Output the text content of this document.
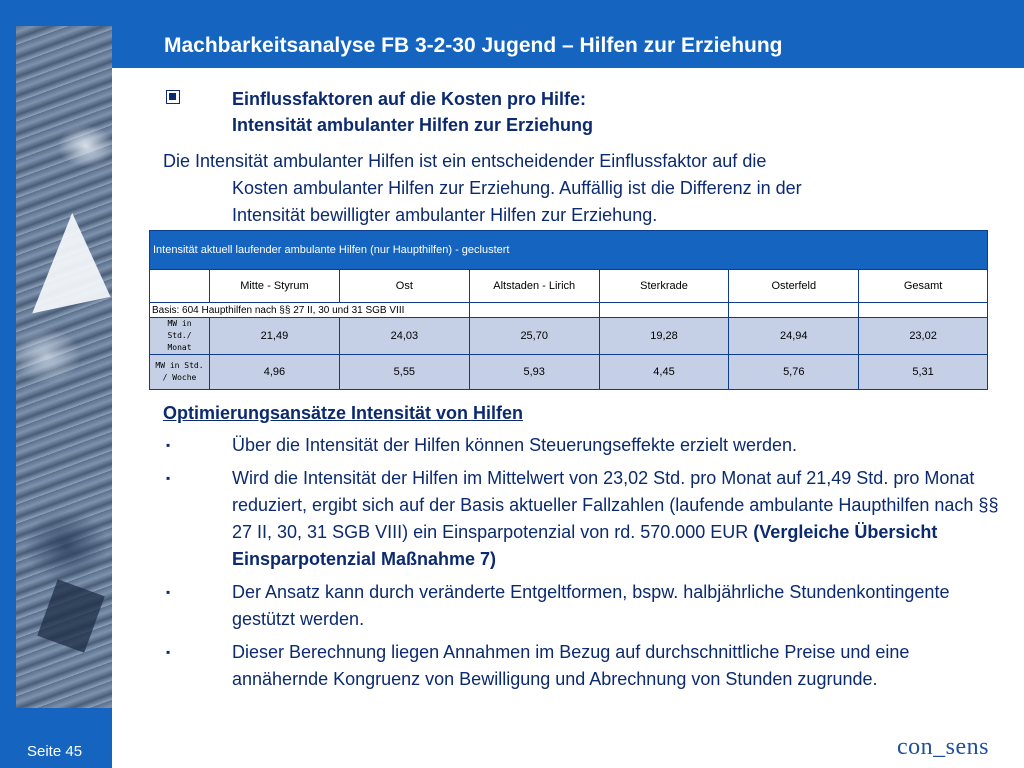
Machbarkeitsanalyse FB 3-2-30 Jugend – Hilfen zur Erziehung
Einflussfaktoren auf die Kosten pro Hilfe:
Intensität ambulanter Hilfen zur Erziehung
Die Intensität ambulanter Hilfen ist ein entscheidender Einflussfaktor auf die
Kosten ambulanter Hilfen zur Erziehung. Auffällig ist die Differenz in der
Intensität bewilligter ambulanter Hilfen zur Erziehung.
Intensität aktuell laufender ambulante Hilfen (nur Haupthilfen) - geclustert						
	Mitte - Styrum	Ost	Altstaden - Lirich	Sterkrade	Osterfeld	Gesamt
Basis: 604 Haupthilfen nach §§ 27 II, 30 und 31 SGB VIII						

MW in
Std./
Monat	21,49	24,03	25,70	19,28	24,94	23,02

MW in Std.
/ Woche	4,96	5,55	5,93	4,45	5,76	5,31
Optimierungsansätze Intensität von Hilfen
▪	Über die Intensität der Hilfen können Steuerungseffekte erzielt werden.
▪	Wird die Intensität der Hilfen im Mittelwert von 23,02 Std. pro Monat auf 21,49 Std. pro Monat reduziert, ergibt sich auf der Basis aktueller Fallzahlen (laufende ambulante Haupthilfen nach §§ 27 II, 30, 31 SGB VIII) ein Einsparpotenzial von rd. 570.000 EUR (Vergleiche Übersicht Einsparpotenzial Maßnahme 7)
▪	Der Ansatz kann durch veränderte Entgeltformen, bspw. halbjährliche Stundenkontingente gestützt werden.
▪	Dieser Berechnung liegen Annahmen im Bezug auf durchschnittliche Preise und eine annähernde Kongruenz von Bewilligung und Abrechnung von Stunden zugrunde.
Seite 45	con_sens
